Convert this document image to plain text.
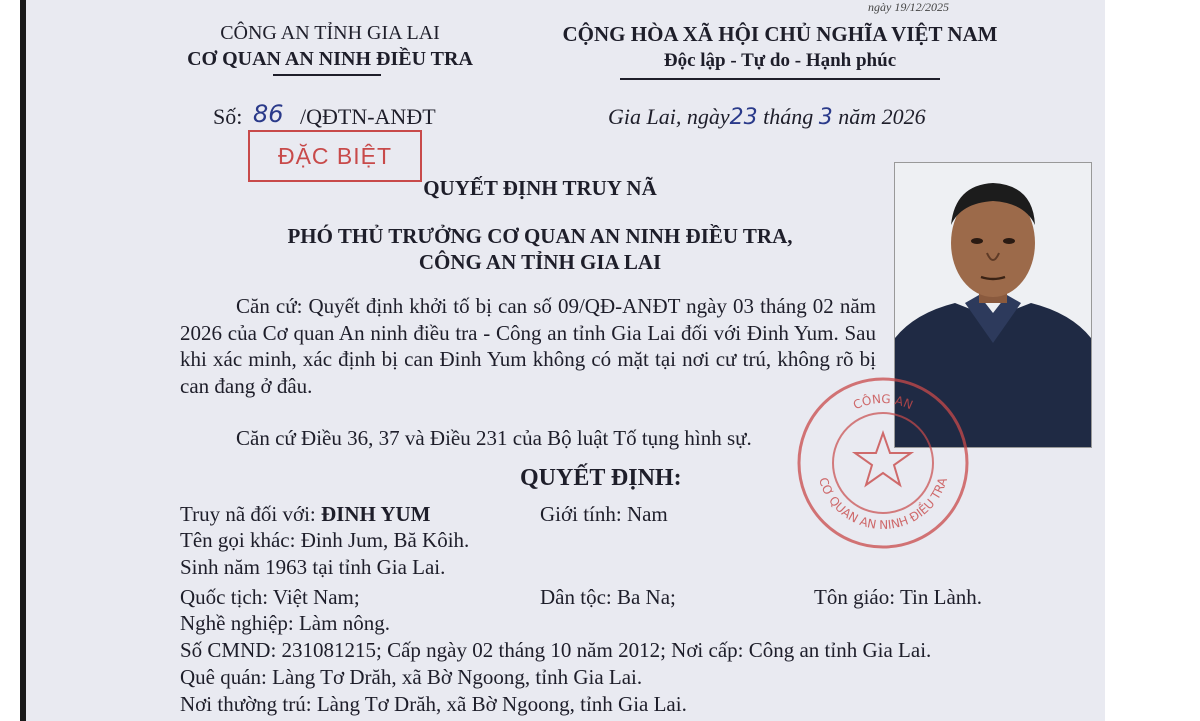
ngày 19/12/2025
CÔNG AN TỈNH GIA LAI
CƠ QUAN AN NINH ĐIỀU TRA
CỘNG HÒA XÃ HỘI CHỦ NGHĨA VIỆT NAM
Độc lập - Tự do - Hạnh phúc
Số: 86 /QĐTN-ANĐT	Gia Lai, ngày23 tháng 3 năm 2026
ĐẶC BIỆT
QUYẾT ĐỊNH TRUY NÃ
PHÓ THỦ TRƯỞNG CƠ QUAN AN NINH ĐIỀU TRA,
CÔNG AN TỈNH GIA LAI
Căn cứ: Quyết định khởi tố bị can số 09/QĐ-ANĐT ngày 03 tháng 02 năm 2026 của Cơ quan An ninh điều tra - Công an tỉnh Gia Lai đối với Đinh Yum. Sau khi xác minh, xác định bị can Đinh Yum không có mặt tại nơi cư trú, không rõ bị can đang ở đâu.
Căn cứ Điều 36, 37 và Điều 231 của Bộ luật Tố tụng hình sự.
QUYẾT ĐỊNH:
Truy nã đối với: ĐINH YUM	Giới tính: Nam
Tên gọi khác: Đinh Jum, Bă Kôih.
Sinh năm 1963 tại tỉnh Gia Lai.
Quốc tịch: Việt Nam;	Dân tộc: Ba Na;	Tôn giáo: Tin Lành.
Nghề nghiệp: Làm nông.
Số CMND: 231081215; Cấp ngày 02 tháng 10 năm 2012; Nơi cấp: Công an tỉnh Gia Lai.
Quê quán: Làng Tơ Drăh, xã Bờ Ngoong, tỉnh Gia Lai.
Nơi thường trú: Làng Tơ Drăh, xã Bờ Ngoong, tỉnh Gia Lai.
CÔNG AN
CƠ QUAN AN NINH ĐIỀU TRA
